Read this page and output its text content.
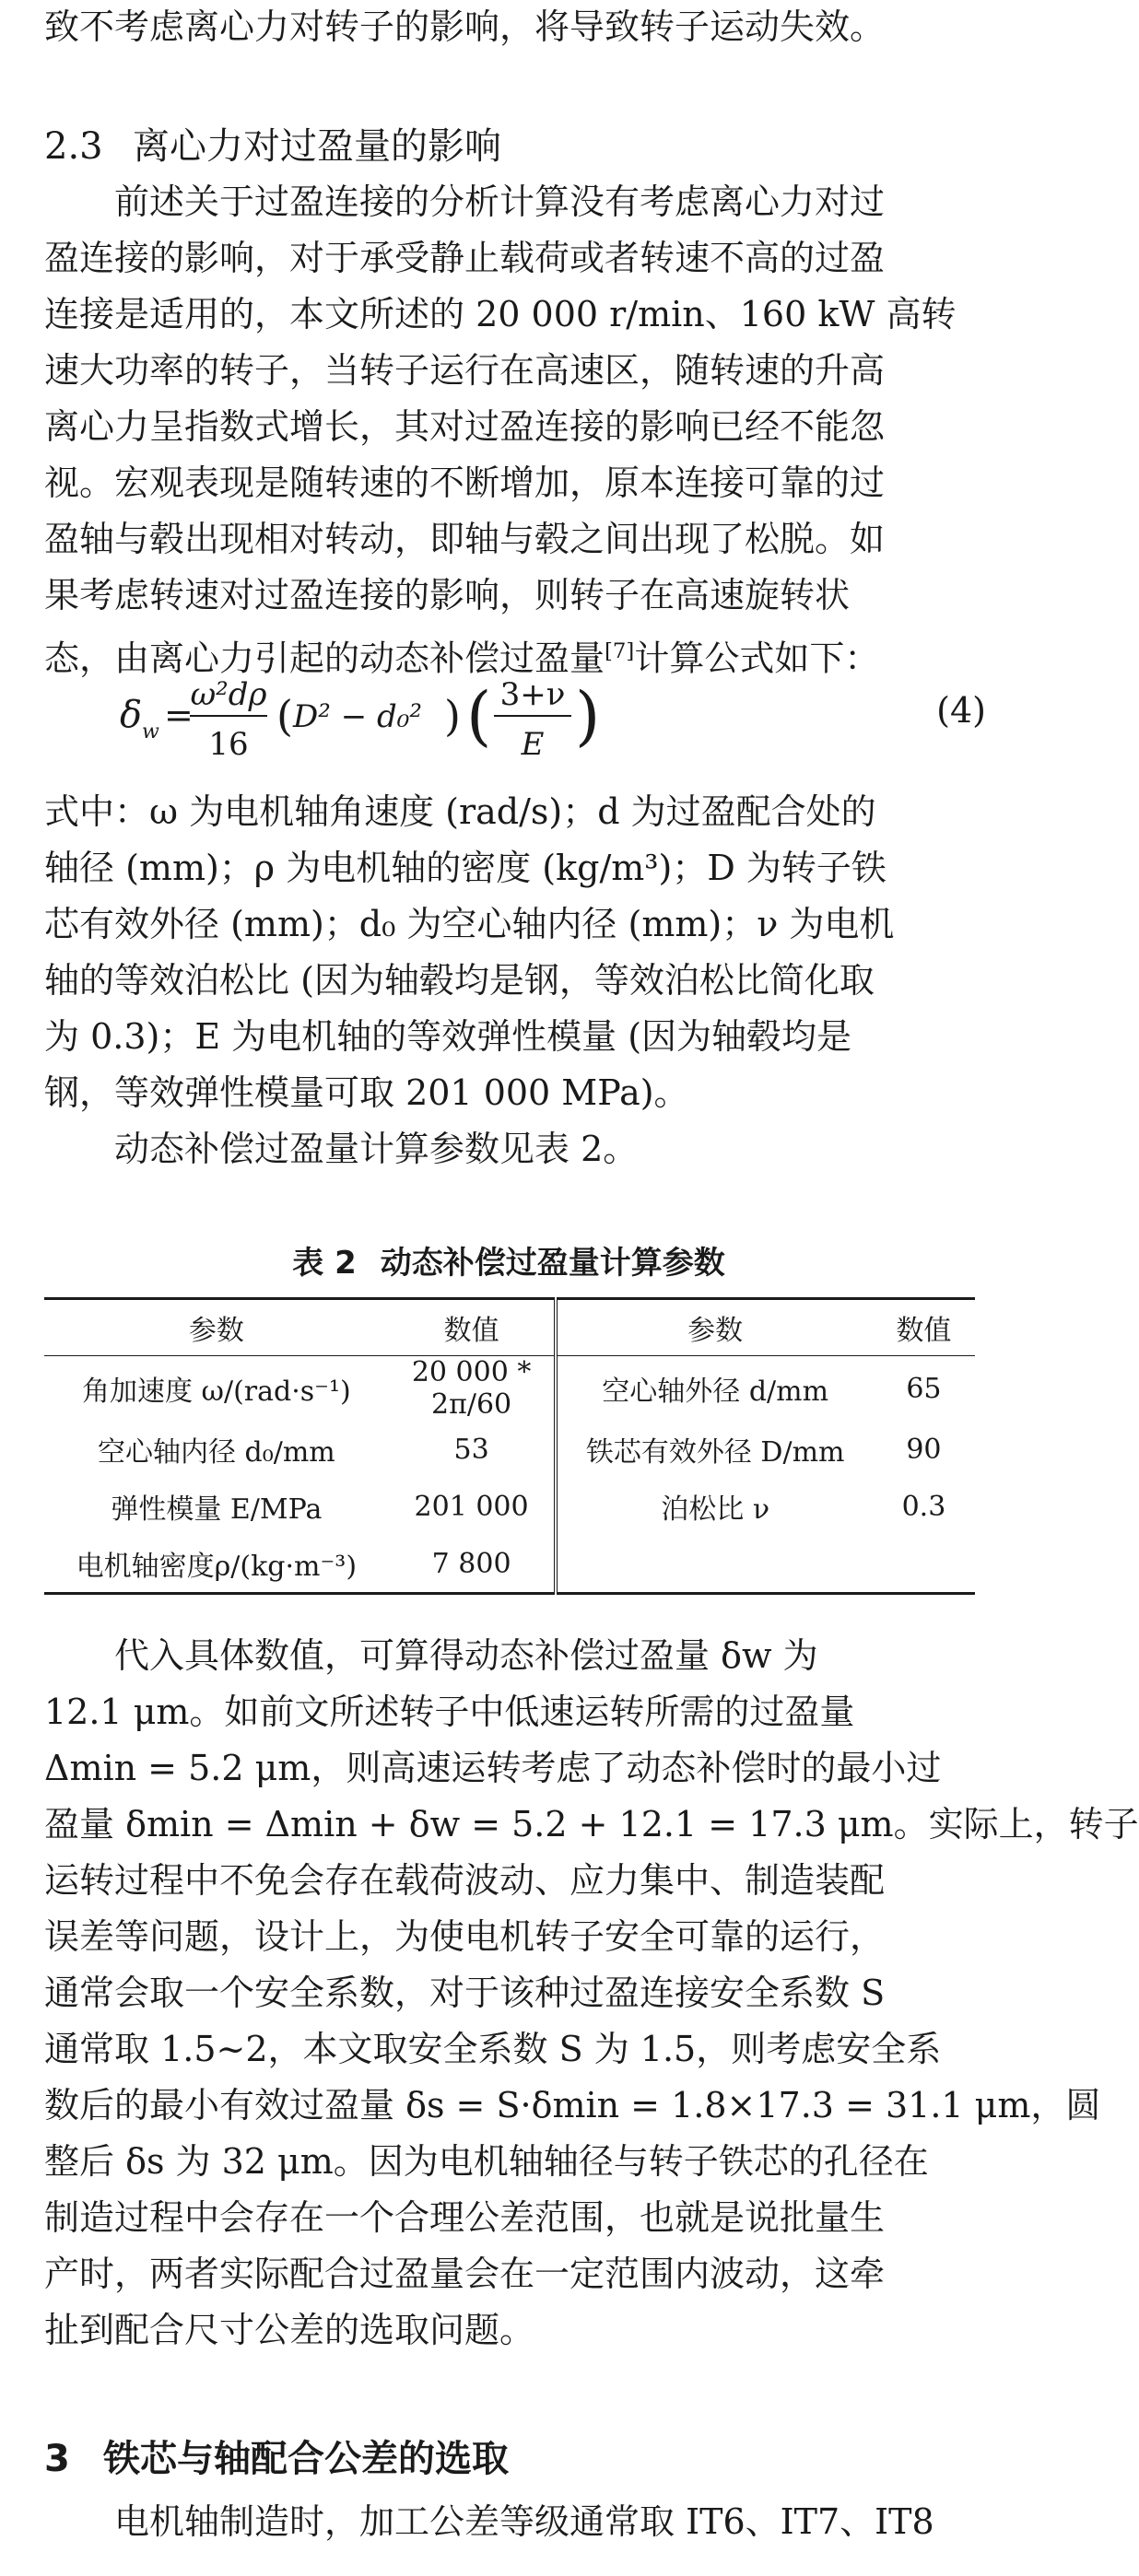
致不考虑离心力对转子的影响，将导致转子运动失效。
2.3 离心力对过盈量的影响
　　前述关于过盈连接的分析计算没有考虑离心力对过
盈连接的影响，对于承受静止载荷或者转速不高的过盈
连接是适用的，本文所述的 20 000 r/min、160 kW 高转
速大功率的转子，当转子运行在高速区，随转速的升高
离心力呈指数式增长，其对过盈连接的影响已经不能忽
视。宏观表现是随转速的不断增加，原本连接可靠的过
盈轴与毂出现相对转动，即轴与毂之间出现了松脱。如
果考虑转速对过盈连接的影响，则转子在高速旋转状
态，由离心力引起的动态补偿过盈量[7]计算公式如下：
δ w =
ω²dρ
16
( D² − d₀² ) ( 3+ν
E )	(4)
式中：ω 为电机轴角速度 (rad/s)；d 为过盈配合处的
轴径 (mm)；ρ 为电机轴的密度 (kg/m³)；D 为转子铁
芯有效外径 (mm)；d₀ 为空心轴内径 (mm)；ν 为电机
轴的等效泊松比 (因为轴毂均是钢，等效泊松比简化取
为 0.3)；E 为电机轴的等效弹性模量 (因为轴毂均是
钢，等效弹性模量可取 201 000 MPa)。
　　动态补偿过盈量计算参数见表 2。
表 2 动态补偿过盈量计算参数
参数	数值	参数	数值
角加速度 ω/(rad·s⁻¹)	20 000 * 2π/60	空心轴外径 d/mm	65
空心轴内径 d₀/mm	53	铁芯有效外径 D/mm	90
弹性模量 E/MPa	201 000	泊松比 ν	0.3
电机轴密度ρ/(kg·m⁻³)	7 800		
　　代入具体数值，可算得动态补偿过盈量 δw 为
12.1 μm。如前文所述转子中低速运转所需的过盈量
Δmin = 5.2 μm，则高速运转考虑了动态补偿时的最小过
盈量 δmin = Δmin + δw = 5.2 + 12.1 = 17.3 μm。实际上，转子
运转过程中不免会存在载荷波动、应力集中、制造装配
误差等问题，设计上，为使电机转子安全可靠的运行，
通常会取一个安全系数，对于该种过盈连接安全系数 S
通常取 1.5~2，本文取安全系数 S 为 1.5，则考虑安全系
数后的最小有效过盈量 δs = S·δmin = 1.8×17.3 = 31.1 μm，圆
整后 δs 为 32 μm。因为电机轴轴径与转子铁芯的孔径在
制造过程中会存在一个合理公差范围，也就是说批量生
产时，两者实际配合过盈量会在一定范围内波动，这牵
扯到配合尺寸公差的选取问题。
3 铁芯与轴配合公差的选取
　　电机轴制造时，加工公差等级通常取 IT6、IT7、IT8
